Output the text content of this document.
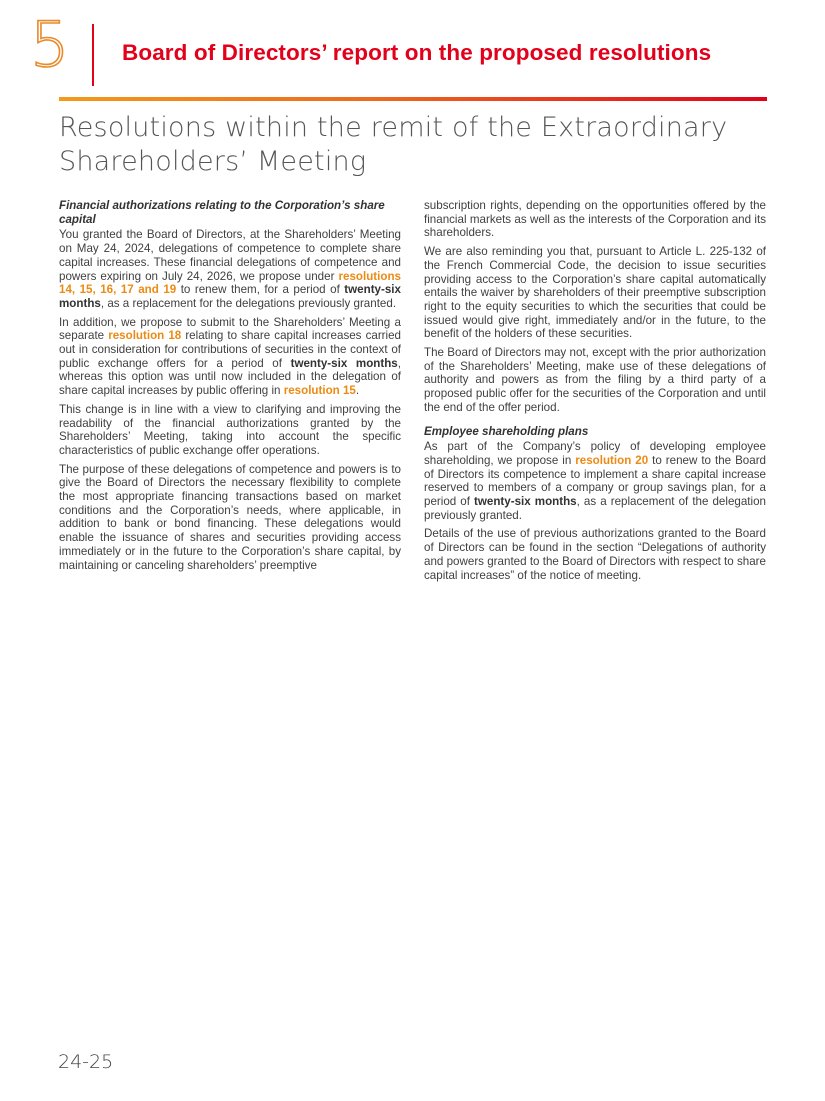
5 Board of Directors’ report on the proposed resolutions
Resolutions within the remit of the Extraordinary Shareholders’ Meeting
Financial authorizations relating to the Corporation’s share capital

You granted the Board of Directors, at the Shareholders’ Meeting on May 24, 2024, delegations of competence to complete share capital increases. These financial delegations of competence and powers expiring on July 24, 2026, we propose under resolutions 14, 15, 16, 17 and 19 to renew them, for a period of twenty-six months, as a replacement for the delegations previously granted.

In addition, we propose to submit to the Shareholders’ Meeting a separate resolution 18 relating to share capital increases carried out in consideration for contributions of securities in the context of public exchange offers for a period of twenty-six months, whereas this option was until now included in the delegation of share capital increases by public offering in resolution 15.

This change is in line with a view to clarifying and improving the readability of the financial authorizations granted by the Shareholders’ Meeting, taking into account the specific characteristics of public exchange offer operations.

The purpose of these delegations of competence and powers is to give the Board of Directors the necessary flexibility to complete the most appropriate financing transactions based on market conditions and the Corporation’s needs, where applicable, in addition to bank or bond financing. These delegations would enable the issuance of shares and securities providing access immediately or in the future to the Corporation’s share capital, by maintaining or canceling shareholders’ preemptive

subscription rights, depending on the opportunities offered by the financial markets as well as the interests of the Corporation and its shareholders.

We are also reminding you that, pursuant to Article L. 225-132 of the French Commercial Code, the decision to issue securities providing access to the Corporation’s share capital automatically entails the waiver by shareholders of their preemptive subscription right to the equity securities to which the securities that could be issued would give right, immediately and/or in the future, to the benefit of the holders of these securities.

The Board of Directors may not, except with the prior authorization of the Shareholders’ Meeting, make use of these delegations of authority and powers as from the filing by a third party of a proposed public offer for the securities of the Corporation and until the end of the offer period.

Employee shareholding plans

As part of the Company’s policy of developing employee shareholding, we propose in resolution 20 to renew to the Board of Directors its competence to implement a share capital increase reserved to members of a company or group savings plan, for a period of twenty-six months, as a replacement of the delegation previously granted.

Details of the use of previous authorizations granted to the Board of Directors can be found in the section “Delegations of authority and powers granted to the Board of Directors with respect to share capital increases” of the notice of meeting.

24-25
